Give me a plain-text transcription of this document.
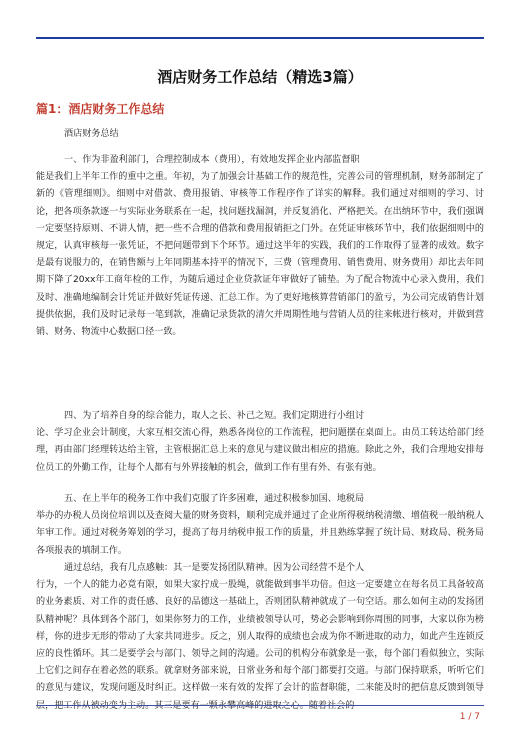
酒店财务工作总结（精选3篇）
篇1：酒店财务工作总结

酒店财务总结

一、作为非盈利部门，合理控制成本（费用），有效地发挥企业内部监督职

能是我们上半年工作的重中之重。年初，为了加强会计基础工作的规范性，完善公司的管理机制，财务部制定了新的《管理细则》。细则中对借款、费用报销、审核等工作程序作了详实的解释。我们通过对细则的学习、讨论，把各项条款逐一与实际业务联系在一起，找问题找漏洞，并反复消化、严格把关。在出纳环节中，我们强调一定要坚持原则、不讲人情，把一些不合理的借款和费用报销拒之门外。在凭证审核环节中，我们依据细则中的规定，认真审核每一张凭证，不把问题带到下个环节。通过这半年的实践，我们的工作取得了显著的成效。数字是最有说服力的，在销售额与上年同期基本持平的情况下，三费（管理费用、销售费用、财务费用）却比去年同期下降了20xx年工商年检的工作，为随后通过企业贷款证年审做好了铺垫。为了配合物流中心录入费用，我们及时、准确地编制会计凭证并做好凭证传递、汇总工作。为了更好地核算营销部门的盈亏，为公司完成销售计划提供依据，我们及时记录每一笔到款，准确记录货款的清欠并周期性地与营销人员的往来帐进行核对，并做到营销、财务、物流中心数据口径一致。

四、为了培养自身的综合能力，取人之长、补己之短。我们定期进行小组讨

论、学习企业会计制度，大家互相交流心得，熟悉各岗位的工作流程，把问题摆在桌面上。由员工转达给部门经理，再由部门经理转达给主管，主管根据汇总上来的意见与建议做出相应的措施。除此之外，我们合理地安排每位员工的外勤工作，让每个人都有与外界接触的机会，做到工作有里有外、有张有弛。

五、在上半年的税务工作中我们克服了许多困难，通过积极参加国、地税局

举办的办税人员岗位培训以及查阅大量的财务资料，顺利完成并通过了企业所得税纳税清缴、增值税一般纳税人年审工作。通过对税务筹划的学习，提高了每月纳税申报工作的质量，并且熟练掌握了统计局、财政局、税务局各项报表的填制工作。

通过总结，我有几点感触：其一是要发扬团队精神。因为公司经营不是个人

行为，一个人的能力必竟有限，如果大家拧成一股绳，就能做到事半功倍。但这一定要建立在每名员工具备较高的业务素质、对工作的责任感、良好的品德这一基础上，否则团队精神就成了一句空话。那么如何主动的发扬团队精神呢？具体到各个部门，如果你努力的工作，业绩被领导认可，势必会影响到你周围的同事，大家以你为榜样，你的进步无形的带动了大家共同进步。反之，别人取得的成绩也会成为你不断进取的动力，如此产生连锁反应的良性循环。其二是要学会与部门、领导之间的沟通。公司的机构分布就象是一张，每个部门看似独立，实际上它们之间存在着必然的联系。就拿财务部来说，日常业务和每个部门都要打交道。与部门保持联系，听听它们的意见与建议，发现问题及时纠正。这样做一来有效的发挥了会计的监督职能，二来能及时的把信息反馈到领导

1 / 7
